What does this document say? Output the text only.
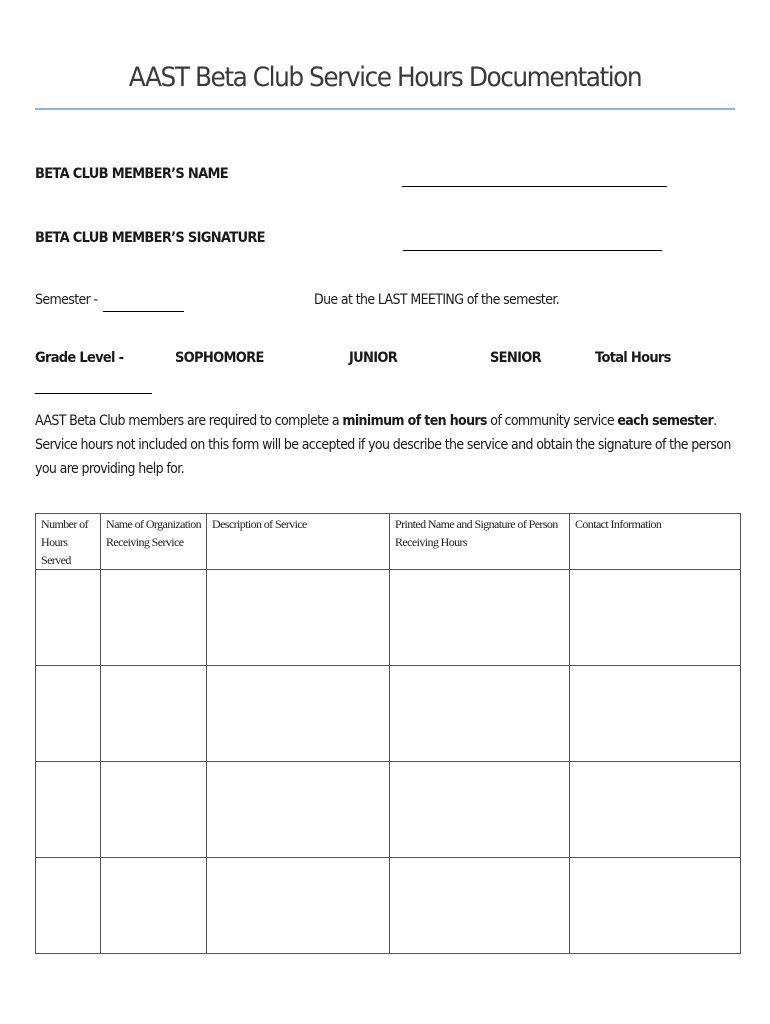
AAST Beta Club Service Hours Documentation
BETA CLUB MEMBER’S NAME
BETA CLUB MEMBER’S SIGNATURE
Semester -	Due at the LAST MEETING of the semester.
Grade Level -	SOPHOMORE	JUNIOR	SENIOR	Total Hours
AAST Beta Club members are required to complete a minimum of ten hours of community service each semester. Service hours not included on this form will be accepted if you describe the service and obtain the signature of the person you are providing help for.
Number of Hours Served	Name of Organization Receiving Service	Description of Service	Printed Name and Signature of Person Receiving Hours	Contact Information
